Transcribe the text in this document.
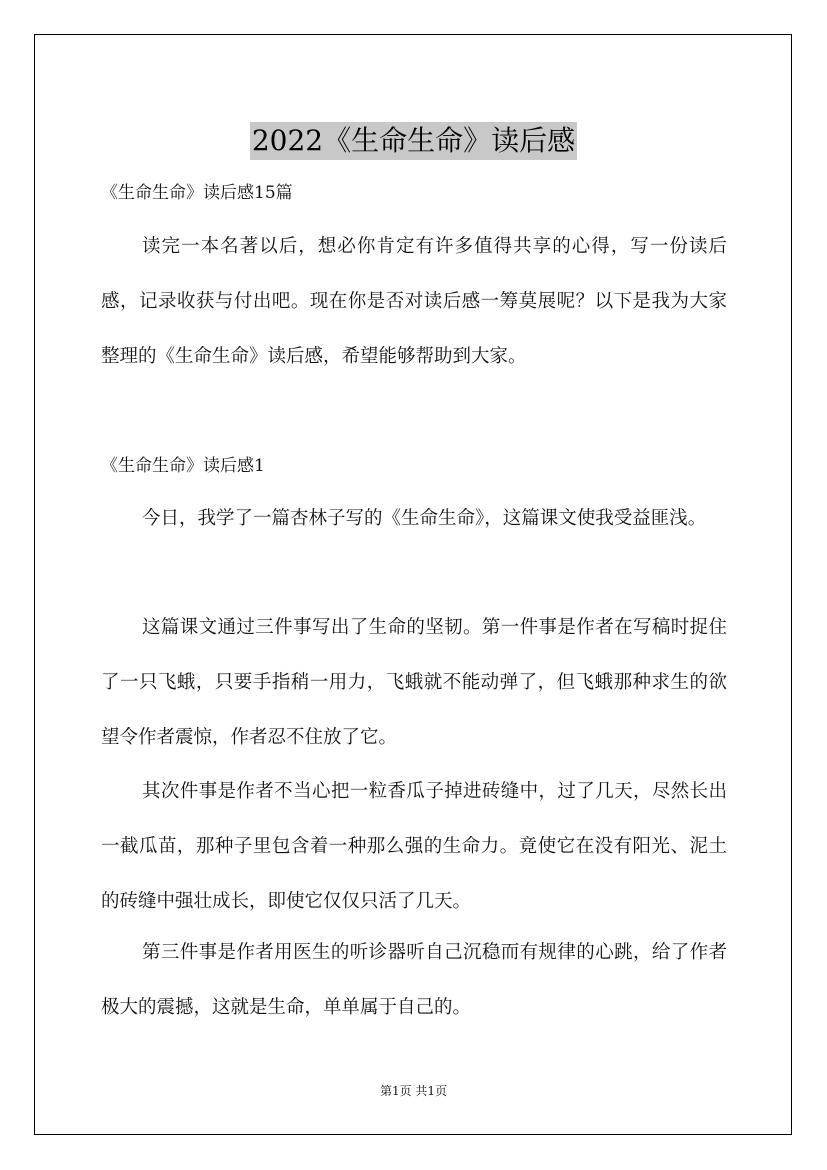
2022《生命生命》读后感
《生命生命》读后感15篇

读完一本名著以后，想必你肯定有许多值得共享的心得，写一份读后感，记录收获与付出吧。现在你是否对读后感一筹莫展呢？以下是我为大家整理的《生命生命》读后感，希望能够帮助到大家。

《生命生命》读后感1

今日，我学了一篇杏林子写的《生命生命》，这篇课文使我受益匪浅。

这篇课文通过三件事写出了生命的坚韧。第一件事是作者在写稿时捉住了一只飞蛾，只要手指稍一用力，飞蛾就不能动弹了，但飞蛾那种求生的欲望令作者震惊，作者忍不住放了它。

其次件事是作者不当心把一粒香瓜子掉进砖缝中，过了几天，尽然长出一截瓜苗，那种子里包含着一种那么强的生命力。竟使它在没有阳光、泥土的砖缝中强壮成长，即使它仅仅只活了几天。

第三件事是作者用医生的听诊器听自己沉稳而有规律的心跳，给了作者极大的震撼，这就是生命，单单属于自己的。

第1页 共1页
